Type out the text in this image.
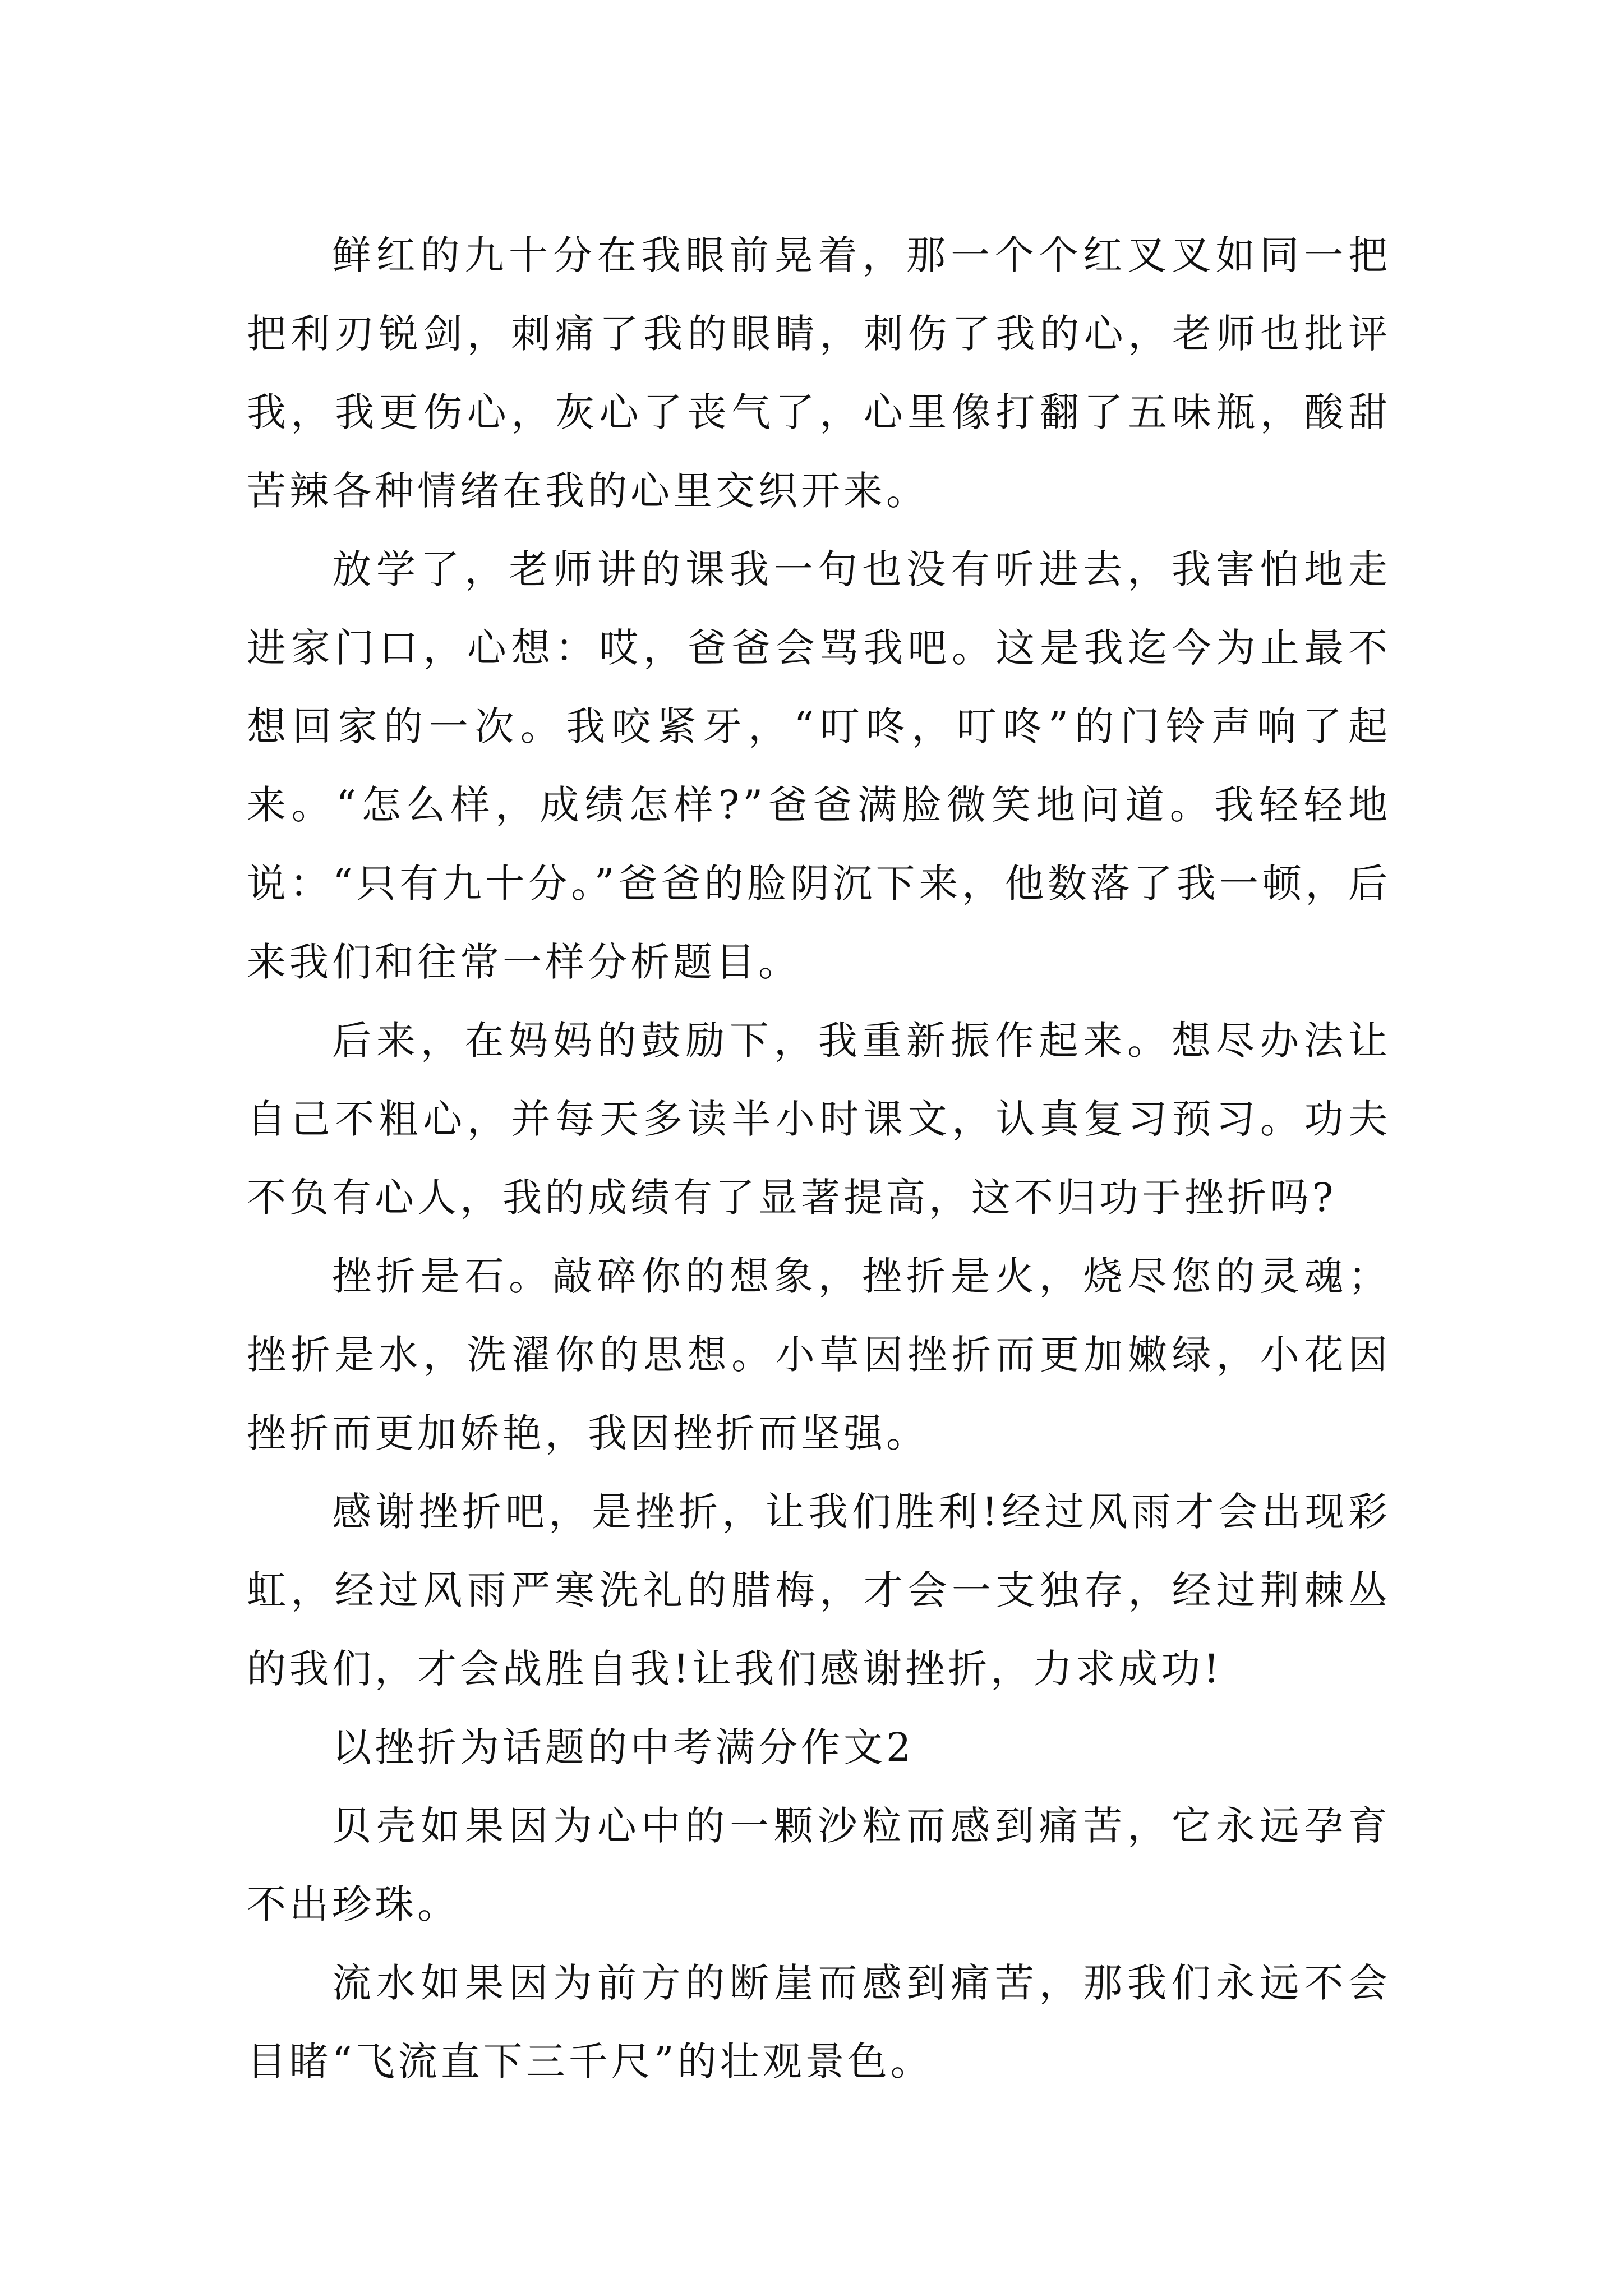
鲜红的九十分在我眼前晃着，那一个个红叉叉如同一把把利刃锐剑，刺痛了我的眼睛，刺伤了我的心，老师也批评我，我更伤心，灰心了丧气了，心里像打翻了五味瓶，酸甜苦辣各种情绪在我的心里交织开来。

放学了，老师讲的课我一句也没有听进去，我害怕地走进家门口，心想：哎，爸爸会骂我吧。这是我迄今为止最不想回家的一次。我咬紧牙，“叮咚，叮咚”的门铃声响了起来。“怎么样，成绩怎样?”爸爸满脸微笑地问道。我轻轻地说：“只有九十分。”爸爸的脸阴沉下来，他数落了我一顿，后来我们和往常一样分析题目。

后来，在妈妈的鼓励下，我重新振作起来。想尽办法让自己不粗心，并每天多读半小时课文，认真复习预习。功夫不负有心人，我的成绩有了显著提高，这不归功于挫折吗?

挫折是石。敲碎你的想象，挫折是火，烧尽您的灵魂；挫折是水，洗濯你的思想。小草因挫折而更加嫩绿，小花因挫折而更加娇艳，我因挫折而坚强。

感谢挫折吧，是挫折，让我们胜利!经过风雨才会出现彩虹，经过风雨严寒洗礼的腊梅，才会一支独存，经过荆棘丛的我们，才会战胜自我!让我们感谢挫折，力求成功!

以挫折为话题的中考满分作文2

贝壳如果因为心中的一颗沙粒而感到痛苦，它永远孕育不出珍珠。

流水如果因为前方的断崖而感到痛苦，那我们永远不会目睹“飞流直下三千尺”的壮观景色。
